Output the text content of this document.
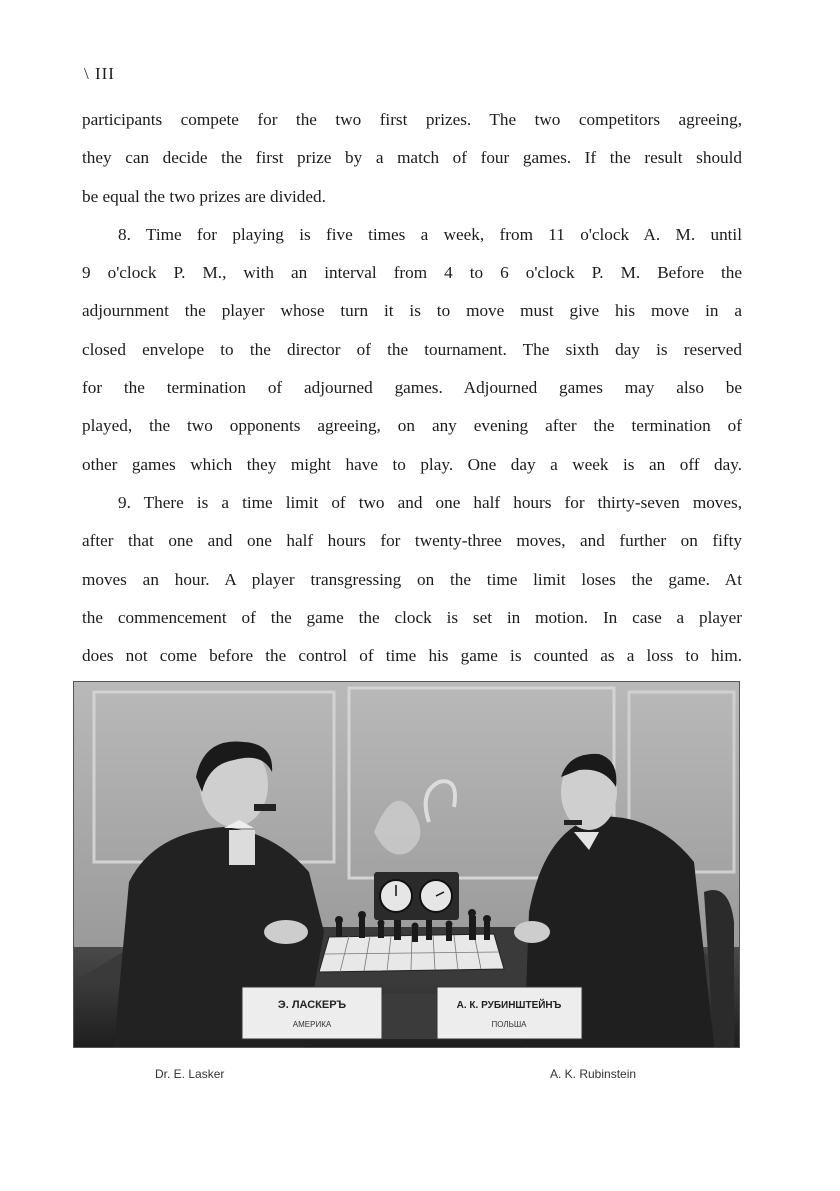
\ III
participants compete for the two first prizes. The two competitors agreeing,
they can decide the first prize by a match of four games. If the result should
be equal the two prizes are divided.
8. Time for playing is five times a week, from 11 o'clock A. M. until
9 o'clock P. M., with an interval from 4 to 6 o'clock P. M. Before the
adjournment the player whose turn it is to move must give his move in a
closed envelope to the director of the tournament. The sixth day is reserved
for the termination of adjourned games. Adjourned games may also be
played, the two opponents agreeing, on any evening after the termination of
other games which they might have to play. One day a week is an off day.
9. There is a time limit of two and one half hours for thirty-seven moves,
after that one and one half hours for twenty-three moves, and further on fifty
moves an hour. A player transgressing on the time limit loses the game. At
the commencement of the game the clock is set in motion. In case a player
does not come before the control of time his game is counted as a loss to him.
Э. ЛАСКЕРЪ
АМЕРИКА
А. К. РУБИНШТЕЙНЪ
ПОЛЬША
Dr. E. Lasker	A. K. Rubinstein
